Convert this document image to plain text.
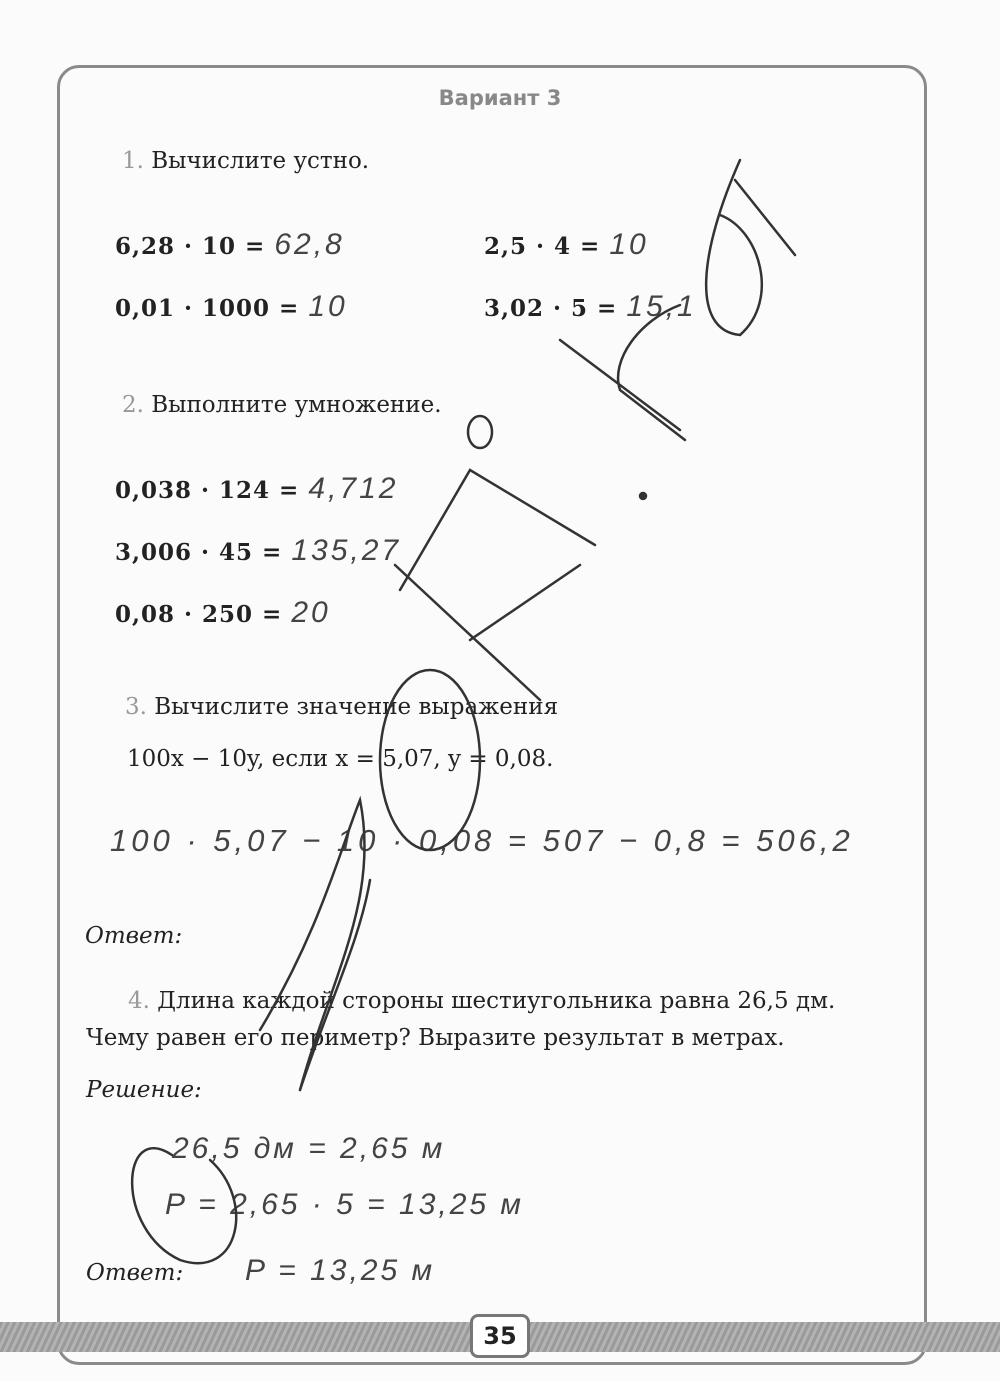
Вариант 3
1. Вычислите устно.
6,28 · 10 = 62,8	2,5 · 4 = 10
0,01 · 1000 = 10	3,02 · 5 = 15,1
2. Выполните умножение.
0,038 · 124 = 4,712
3,006 · 45 = 135,27
0,08 · 250 = 20
3. Вычислите значение выражения
100x − 10y, если x = 5,07, y = 0,08.
100 · 5,07 − 10 · 0,08 = 507 − 0,8 = 506,2
Ответ:
4. Длина каждой стороны шестиугольника равна 26,5 дм.
Чему равен его периметр? Выразите результат в метрах.
Решение:
26,5 дм = 2,65 м
P = 2,65 · 5 = 13,25 м
Ответ: P = 13,25 м
35
